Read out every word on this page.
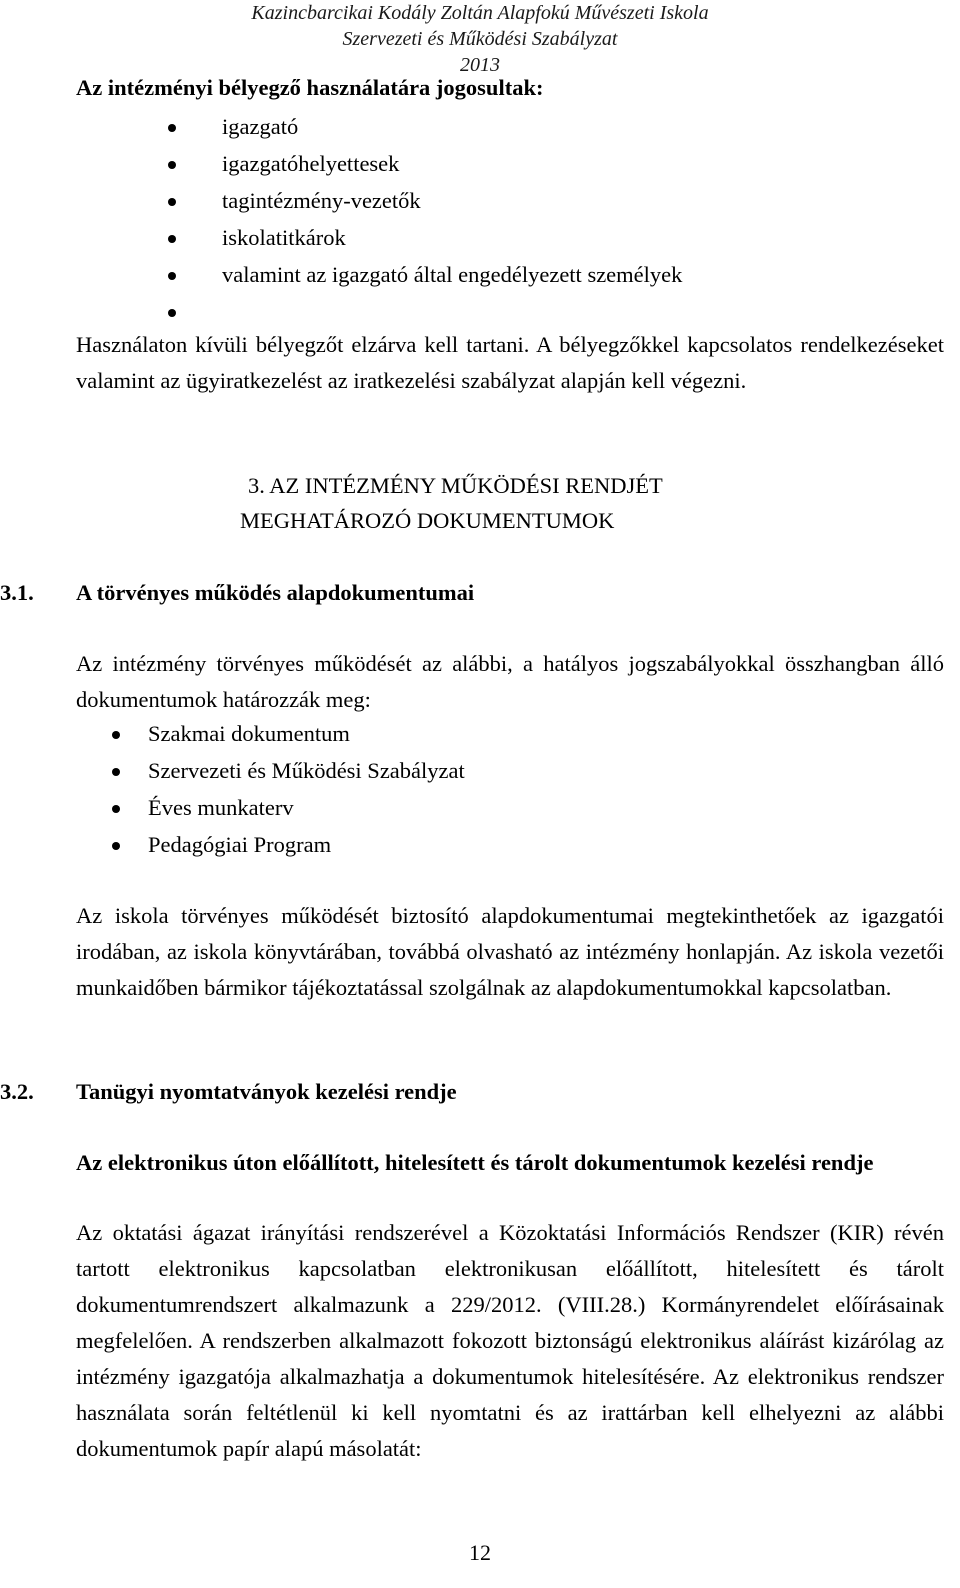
Kazincbarcikai Kodály Zoltán Alapfokú Művészeti Iskola
Szervezeti és Működési Szabályzat
2013
Az intézményi bélyegző használatára jogosultak:
igazgató
igazgatóhelyettesek
tagintézmény-vezetők
iskolatitkárok
valamint az igazgató által engedélyezett személyek
Használaton kívüli bélyegzőt elzárva kell tartani. A bélyegzőkkel kapcsolatos rendelkezéseket valamint az ügyiratkezelést az iratkezelési szabályzat alapján kell végezni.
3. AZ INTÉZMÉNY MŰKÖDÉSI RENDJÉT
MEGHATÁROZÓ DOKUMENTUMOK
3.1. A törvényes működés alapdokumentumai
Az intézmény törvényes működését az alábbi, a hatályos jogszabályokkal összhangban álló dokumentumok határozzák meg:
Szakmai dokumentum
Szervezeti és Működési Szabályzat
Éves munkaterv
Pedagógiai Program
Az iskola törvényes működését biztosító alapdokumentumai megtekinthetőek az igazgatói irodában, az iskola könyvtárában, továbbá olvasható az intézmény honlapján. Az iskola vezetői munkaidőben bármikor tájékoztatással szolgálnak az alapdokumentumokkal kapcsolatban.
3.2. Tanügyi nyomtatványok kezelési rendje
Az elektronikus úton előállított, hitelesített és tárolt dokumentumok kezelési rendje
Az oktatási ágazat irányítási rendszerével a Közoktatási Információs Rendszer (KIR) révén tartott elektronikus kapcsolatban elektronikusan előállított, hitelesített és tárolt dokumentumrendszert alkalmazunk a 229/2012. (VIII.28.) Kormányrendelet előírásainak megfelelően. A rendszerben alkalmazott fokozott biztonságú elektronikus aláírást kizárólag az intézmény igazgatója alkalmazhatja a dokumentumok hitelesítésére. Az elektronikus rendszer használata során feltétlenül ki kell nyomtatni és az irattárban kell elhelyezni az alábbi dokumentumok papír alapú másolatát:
12
